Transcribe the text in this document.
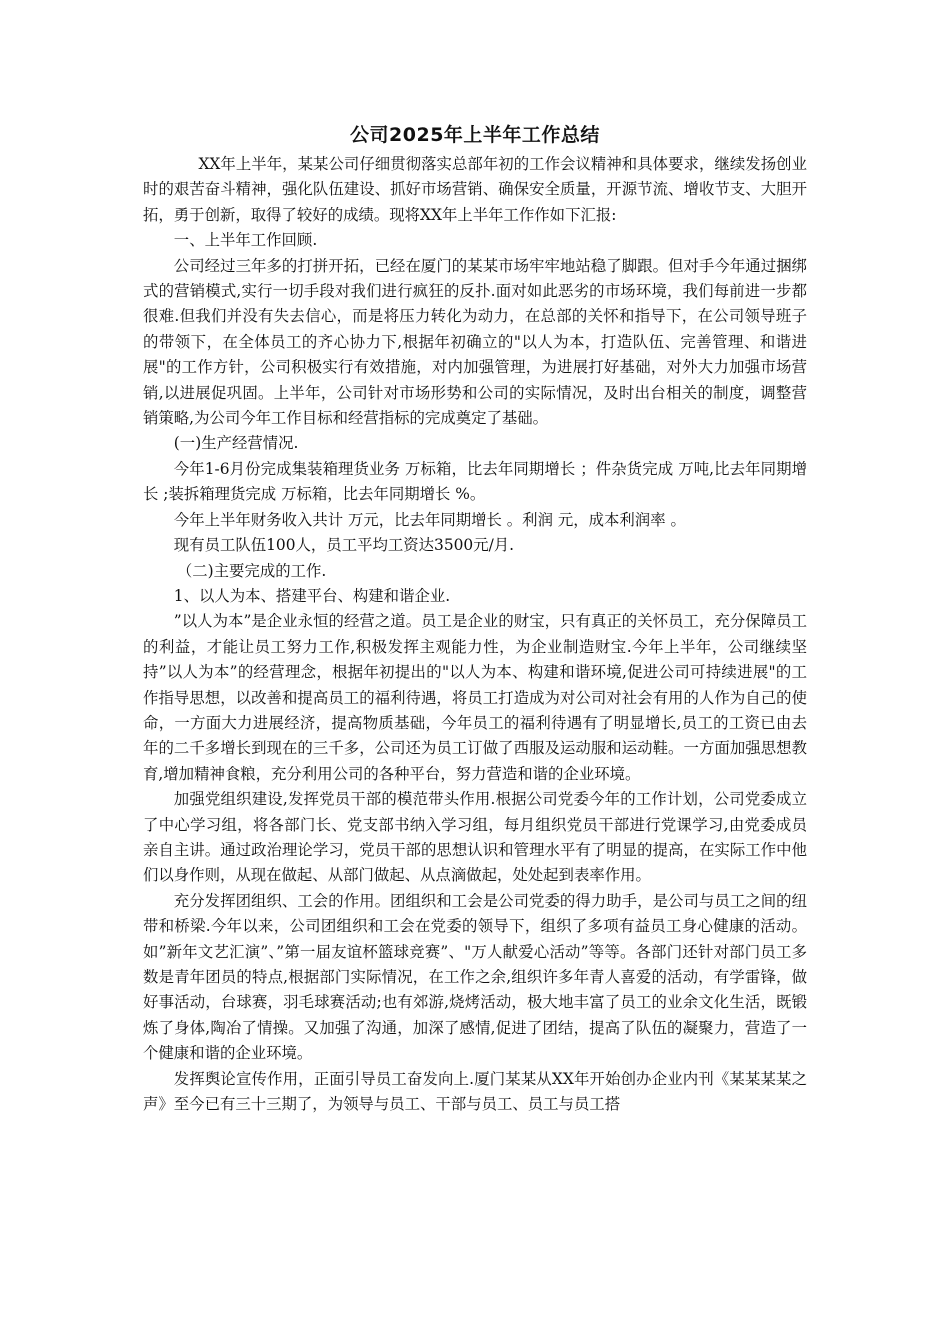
公司2025年上半年工作总结

XX年上半年，某某公司仔细贯彻落实总部年初的工作会议精神和具体要求，继续发扬创业时的艰苦奋斗精神，强化队伍建设、抓好市场营销、确保安全质量，开源节流、增收节支、大胆开拓，勇于创新，取得了较好的成绩。现将XX年上半年工作作如下汇报:

一、上半年工作回顾.

公司经过三年多的打拼开拓，已经在厦门的某某市场牢牢地站稳了脚跟。但对手今年通过捆绑式的营销模式,实行一切手段对我们进行疯狂的反扑.面对如此恶劣的市场环境，我们每前进一步都很难.但我们并没有失去信心，而是将压力转化为动力，在总部的关怀和指导下，在公司领导班子的带领下，在全体员工的齐心协力下,根据年初确立的"以人为本，打造队伍、完善管理、和谐进展"的工作方针，公司积极实行有效措施，对内加强管理，为进展打好基础，对外大力加强市场营销,以进展促巩固。上半年，公司针对市场形势和公司的实际情况，及时出台相关的制度，调整营销策略,为公司今年工作目标和经营指标的完成奠定了基础。

(一)生产经营情况.

今年1-6月份完成集装箱理货业务 万标箱，比去年同期增长 ；件杂货完成 万吨,比去年同期增长 ;装拆箱理货完成 万标箱，比去年同期增长 %。

今年上半年财务收入共计 万元，比去年同期增长 。利润 元，成本利润率 。

现有员工队伍100人，员工平均工资达3500元/月.

（二)主要完成的工作.

1、以人为本、搭建平台、构建和谐企业.

”以人为本”是企业永恒的经营之道。员工是企业的财宝，只有真正的关怀员工，充分保障员工的利益，才能让员工努力工作,积极发挥主观能力性，为企业制造财宝.今年上半年，公司继续坚持”以人为本”的经营理念，根据年初提出的"以人为本、构建和谐环境,促进公司可持续进展"的工作指导思想，以改善和提高员工的福利待遇，将员工打造成为对公司对社会有用的人作为自己的使命，一方面大力进展经济，提高物质基础，今年员工的福利待遇有了明显增长,员工的工资已由去年的二千多增长到现在的三千多，公司还为员工订做了西服及运动服和运动鞋。一方面加强思想教育,增加精神食粮，充分利用公司的各种平台，努力营造和谐的企业环境。

加强党组织建设,发挥党员干部的模范带头作用.根据公司党委今年的工作计划，公司党委成立了中心学习组，将各部门长、党支部书纳入学习组，每月组织党员干部进行党课学习,由党委成员亲自主讲。通过政治理论学习，党员干部的思想认识和管理水平有了明显的提高，在实际工作中他们以身作则，从现在做起、从部门做起、从点滴做起，处处起到表率作用。

充分发挥团组织、工会的作用。团组织和工会是公司党委的得力助手，是公司与员工之间的纽带和桥梁.今年以来，公司团组织和工会在党委的领导下，组织了多项有益员工身心健康的活动。如”新年文艺汇演”、”第一届友谊杯篮球竞赛”、"万人献爱心活动”等等。各部门还针对部门员工多数是青年团员的特点,根据部门实际情况，在工作之余,组织许多年青人喜爱的活动，有学雷锋，做好事活动，台球赛，羽毛球赛活动;也有郊游,烧烤活动，极大地丰富了员工的业余文化生活，既锻炼了身体,陶冶了情操。又加强了沟通，加深了感情,促进了团结，提高了队伍的凝聚力，营造了一个健康和谐的企业环境。

发挥舆论宣传作用，正面引导员工奋发向上.厦门某某从XX年开始创办企业内刊《某某某某之声》至今已有三十三期了，为领导与员工、干部与员工、员工与员工搭
